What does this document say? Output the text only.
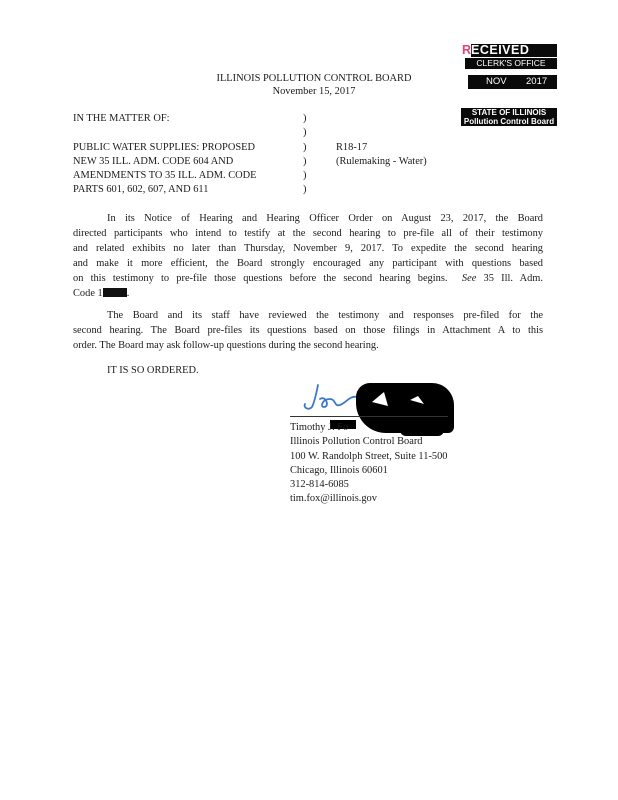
RECEIVED
CLERK'S OFFICE
NOV 2017
STATE OF ILLINOIS
Pollution Control Board
ILLINOIS POLLUTION CONTROL BOARD
November 15, 2017
IN THE MATTER OF:
PUBLIC WATER SUPPLIES: PROPOSED
NEW 35 ILL. ADM. CODE 604 AND
AMENDMENTS TO 35 ILL. ADM. CODE
PARTS 601, 602, 607, AND 611
)
)
)
)
)
)
R18-17
(Rulemaking - Water)
In its Notice of Hearing and Hearing Officer Order on August 23, 2017, the Board
directed participants who intend to testify at the second hearing to pre-file all of their testimony
and related exhibits no later than Thursday, November 9, 2017. To expedite the second hearing
and make it more efficient, the Board strongly encouraged any participant with questions based
on this testimony to pre-file those questions before the second hearing begins. See 35 Ill. Adm.
Code 1 .
The Board and its staff have reviewed the testimony and responses pre-filed for the
second hearing. The Board pre-files its questions based on those filings in Attachment A to this
order. The Board may ask follow-up questions during the second hearing.
IT IS SO ORDERED.
Timothy J. Fo
Illinois Pollution Control Board
100 W. Randolph Street, Suite 11-500
Chicago, Illinois 60601
312-814-6085
tim.fox@illinois.gov
